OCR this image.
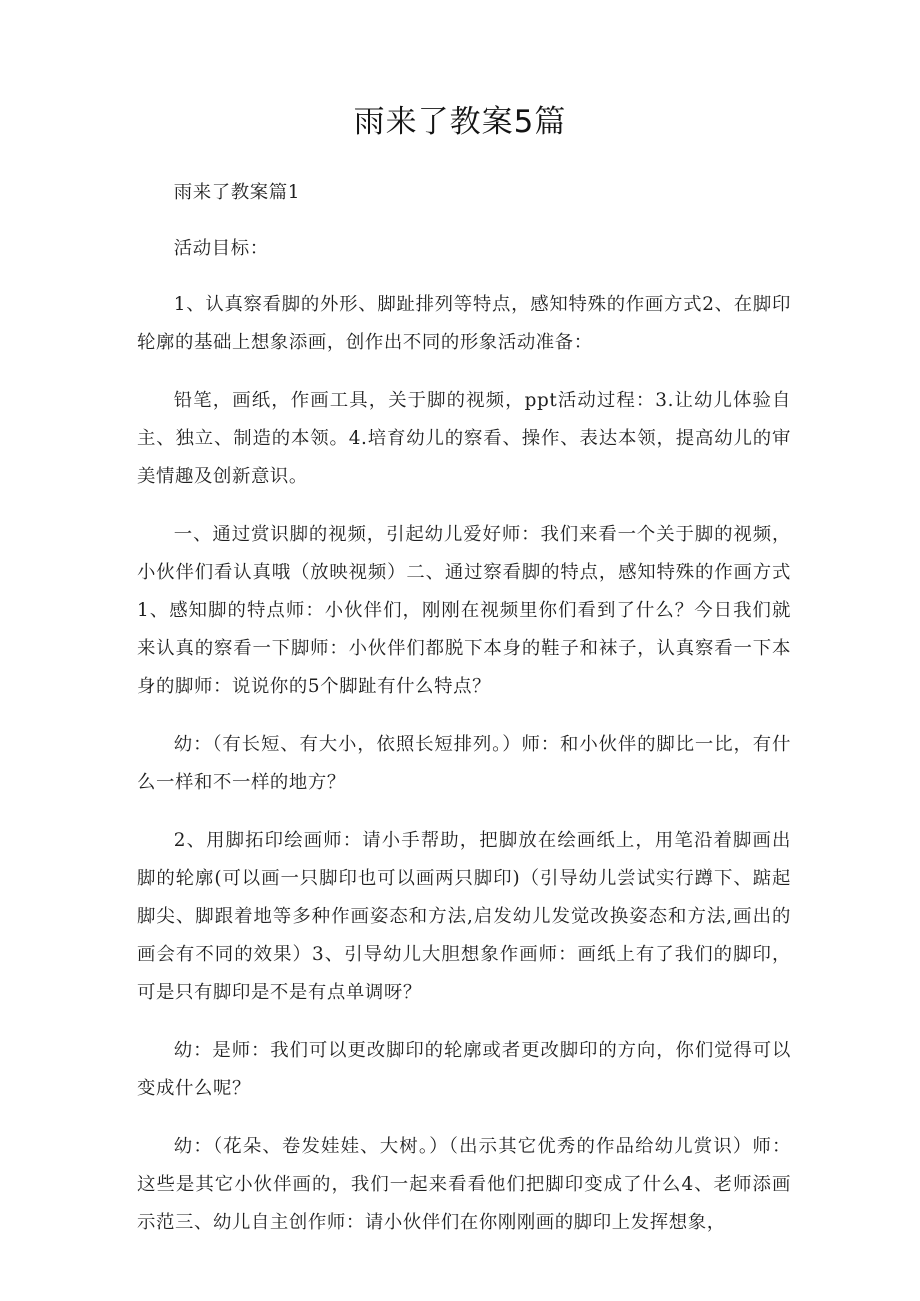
雨来了教案5篇

雨来了教案篇1

活动目标：

1、认真察看脚的外形、脚趾排列等特点，感知特殊的作画方式2、在脚印轮廓的基础上想象添画，创作出不同的形象活动准备：

铅笔，画纸，作画工具，关于脚的视频，ppt活动过程：3.让幼儿体验自主、独立、制造的本领。4.培育幼儿的察看、操作、表达本领，提高幼儿的审美情趣及创新意识。

一、通过赏识脚的视频，引起幼儿爱好师：我们来看一个关于脚的视频，小伙伴们看认真哦（放映视频）二、通过察看脚的特点，感知特殊的作画方式1、感知脚的特点师：小伙伴们，刚刚在视频里你们看到了什么？今日我们就来认真的察看一下脚师：小伙伴们都脱下本身的鞋子和袜子，认真察看一下本身的脚师：说说你的5个脚趾有什么特点？

幼：（有长短、有大小，依照长短排列。）师：和小伙伴的脚比一比，有什么一样和不一样的地方？

2、用脚拓印绘画师：请小手帮助，把脚放在绘画纸上，用笔沿着脚画出脚的轮廓(可以画一只脚印也可以画两只脚印)（引导幼儿尝试实行蹲下、踮起脚尖、脚跟着地等多种作画姿态和方法,启发幼儿发觉改换姿态和方法,画出的画会有不同的效果）3、引导幼儿大胆想象作画师：画纸上有了我们的脚印，可是只有脚印是不是有点单调呀？

幼：是师：我们可以更改脚印的轮廓或者更改脚印的方向，你们觉得可以变成什么呢？

幼：（花朵、卷发娃娃、大树。）（出示其它优秀的作品给幼儿赏识）师：这些是其它小伙伴画的，我们一起来看看他们把脚印变成了什么4、老师添画示范三、幼儿自主创作师：请小伙伴们在你刚刚画的脚印上发挥想象，
